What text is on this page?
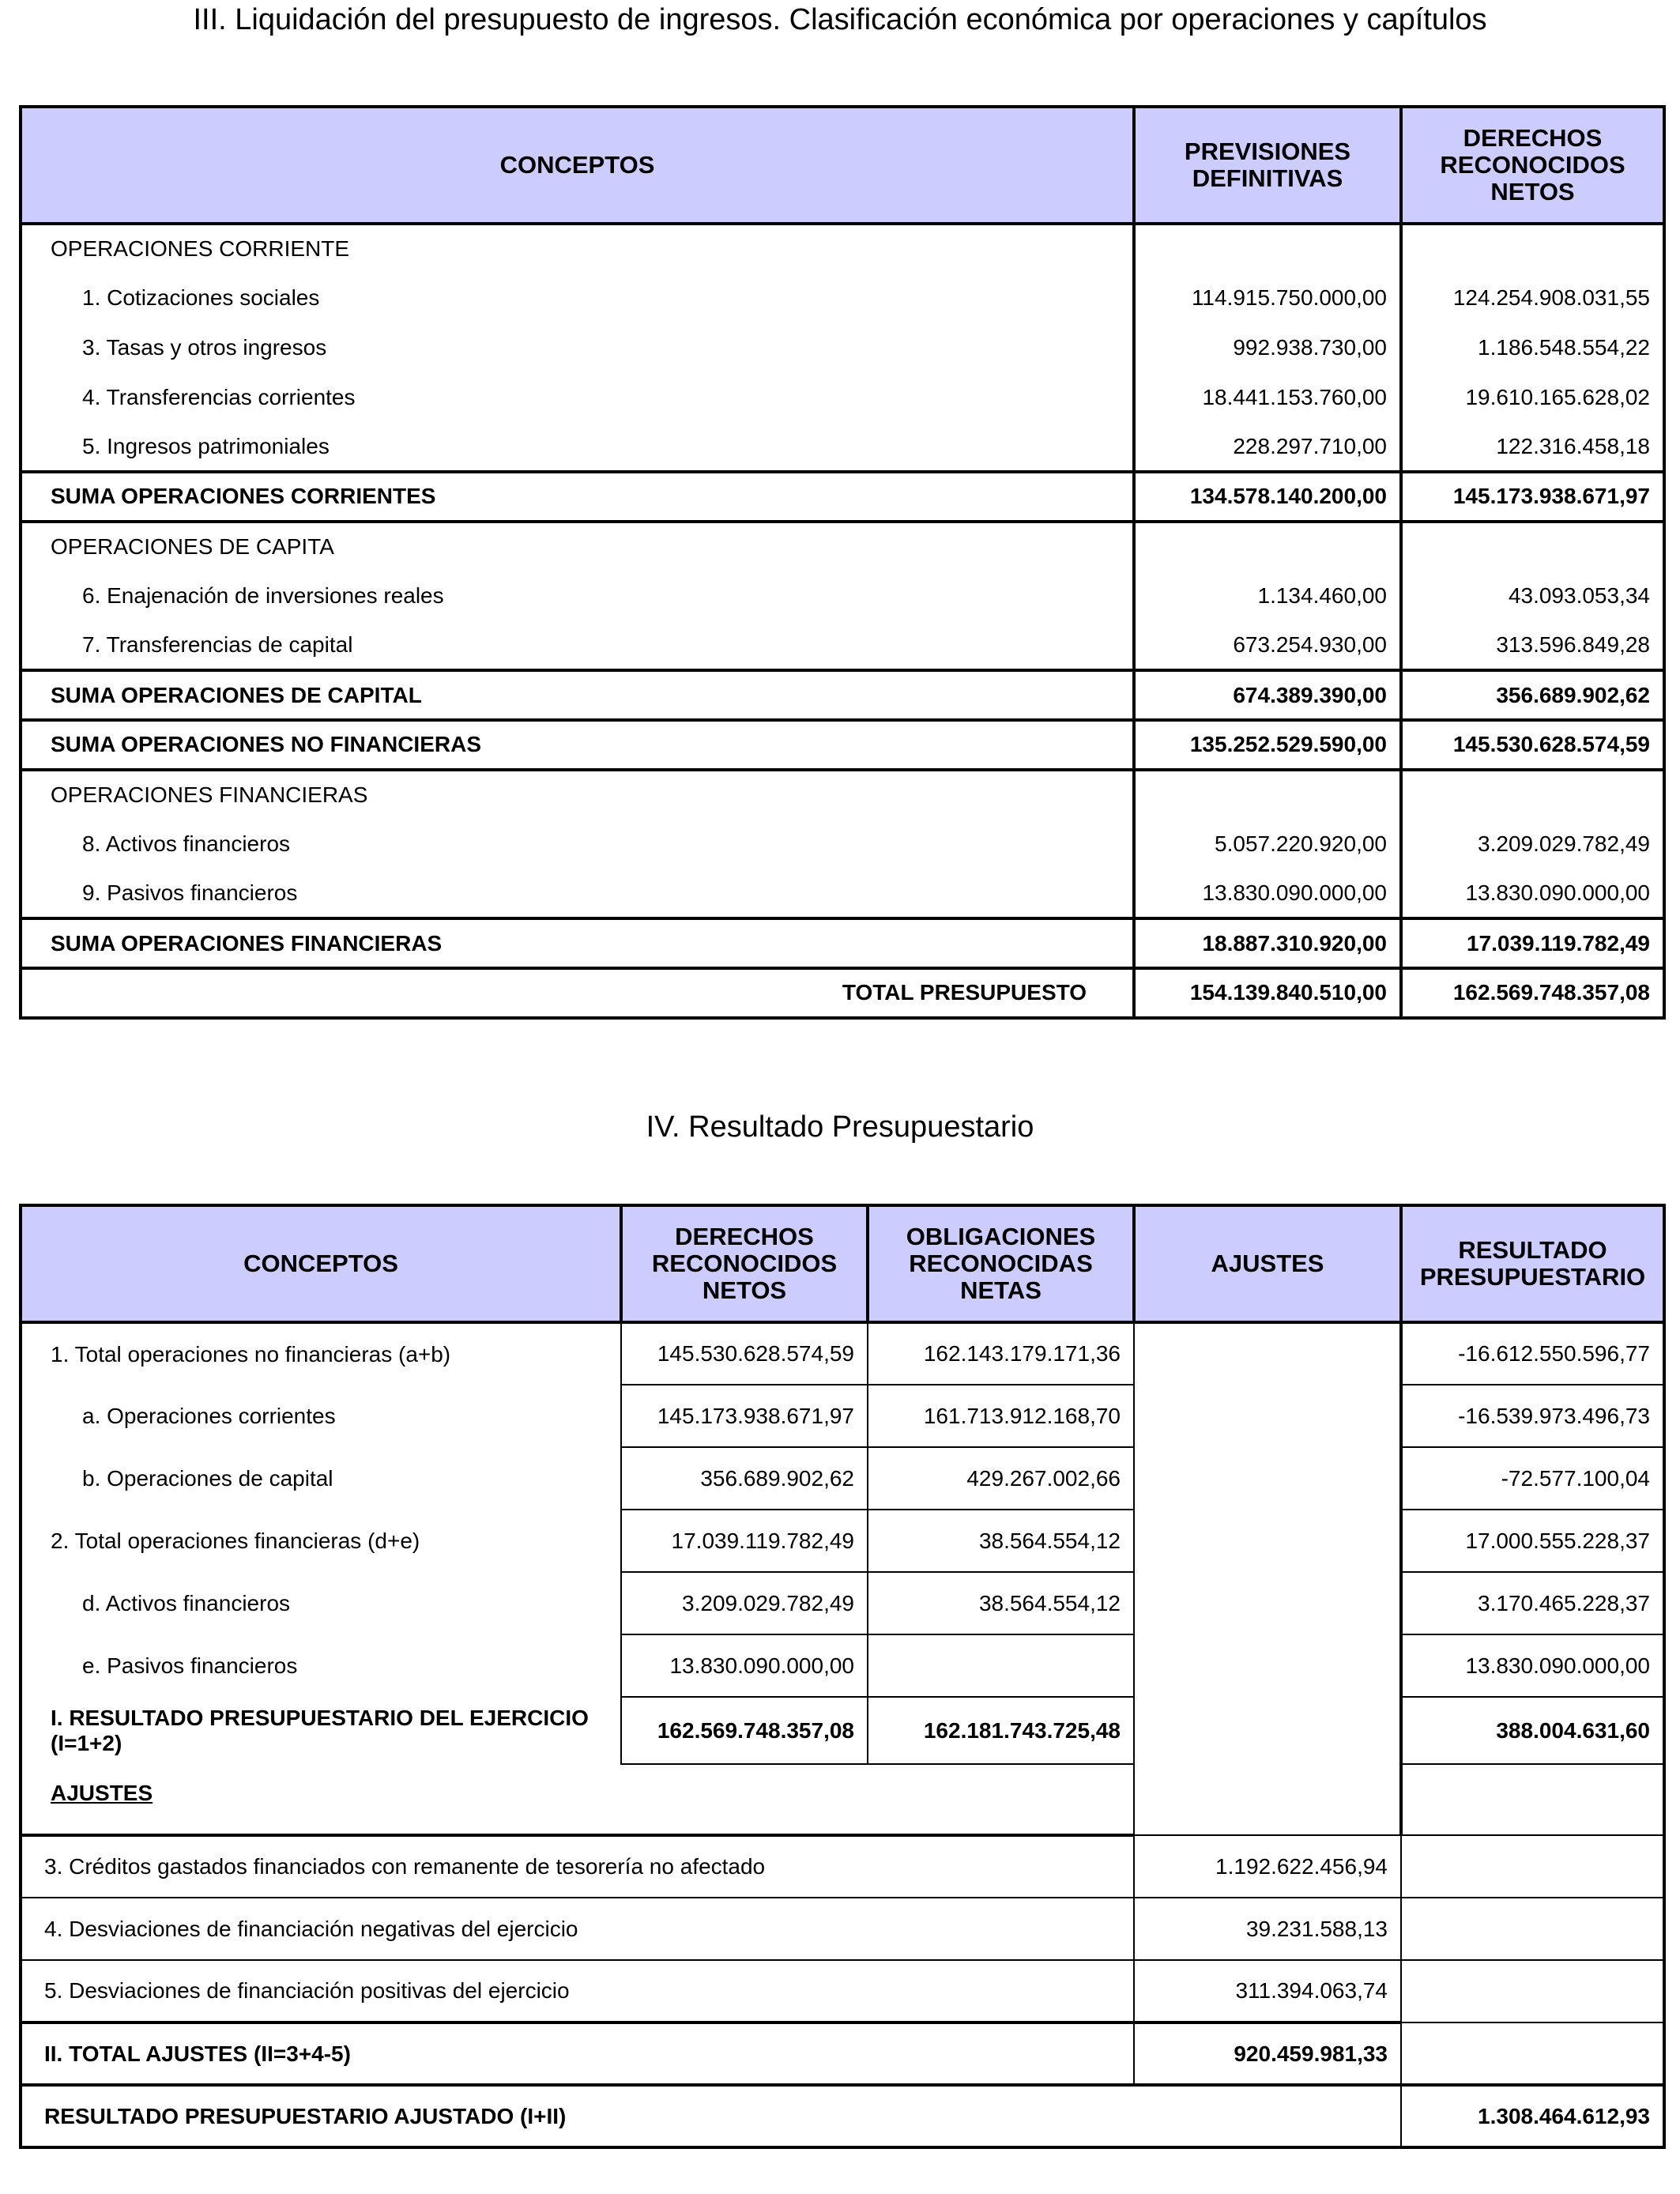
III. Liquidación del presupuesto de ingresos. Clasificación económica por operaciones y capítulos
CONCEPTOS	PREVISIONES DEFINITIVAS	DERECHOS RECONOCIDOS NETOS

OPERACIONES CORRIENTE		
1. Cotizaciones sociales	114.915.750.000,00	124.254.908.031,55
3. Tasas y otros ingresos	992.938.730,00	1.186.548.554,22
4. Transferencias corrientes	18.441.153.760,00	19.610.165.628,02
5. Ingresos patrimoniales	228.297.710,00	122.316.458,18
SUMA OPERACIONES CORRIENTES	134.578.140.200,00	145.173.938.671,97
OPERACIONES DE CAPITA		
6. Enajenación de inversiones reales	1.134.460,00	43.093.053,34
7. Transferencias de capital	673.254.930,00	313.596.849,28
SUMA OPERACIONES DE CAPITAL	674.389.390,00	356.689.902,62
SUMA OPERACIONES NO FINANCIERAS	135.252.529.590,00	145.530.628.574,59
OPERACIONES FINANCIERAS		
8. Activos financieros	5.057.220.920,00	3.209.029.782,49
9. Pasivos financieros	13.830.090.000,00	13.830.090.000,00
SUMA OPERACIONES FINANCIERAS	18.887.310.920,00	17.039.119.782,49
TOTAL PRESUPUESTO	154.139.840.510,00	162.569.748.357,08
IV. Resultado Presupuestario
CONCEPTOS	DERECHOS RECONOCIDOS NETOS	OBLIGACIONES RECONOCIDAS NETAS	AJUSTES	RESULTADO PRESUPUESTARIO

1. Total operaciones no financieras (a+b)	145.530.628.574,59	162.143.179.171,36		-16.612.550.596,77
a. Operaciones corrientes	145.173.938.671,97	161.713.912.168,70		-16.539.973.496,73
b. Operaciones de capital	356.689.902,62	429.267.002,66		-72.577.100,04
2. Total operaciones financieras (d+e)	17.039.119.782,49	38.564.554,12		17.000.555.228,37
d. Activos financieros	3.209.029.782,49	38.564.554,12		3.170.465.228,37
e. Pasivos financieros	13.830.090.000,00			13.830.090.000,00
I. RESULTADO PRESUPUESTARIO DEL EJERCICIO (I=1+2)	162.569.748.357,08	162.181.743.725,48		388.004.631,60
AJUSTES				
3. Créditos gastados financiados con remanente de tesorería no afectado			1.192.622.456,94	
4. Desviaciones de financiación negativas del ejercicio			39.231.588,13	
5. Desviaciones de financiación positivas del ejercicio			311.394.063,74	
II. TOTAL AJUSTES (II=3+4-5)			920.459.981,33	
RESULTADO PRESUPUESTARIO AJUSTADO (I+II)				1.308.464.612,93
